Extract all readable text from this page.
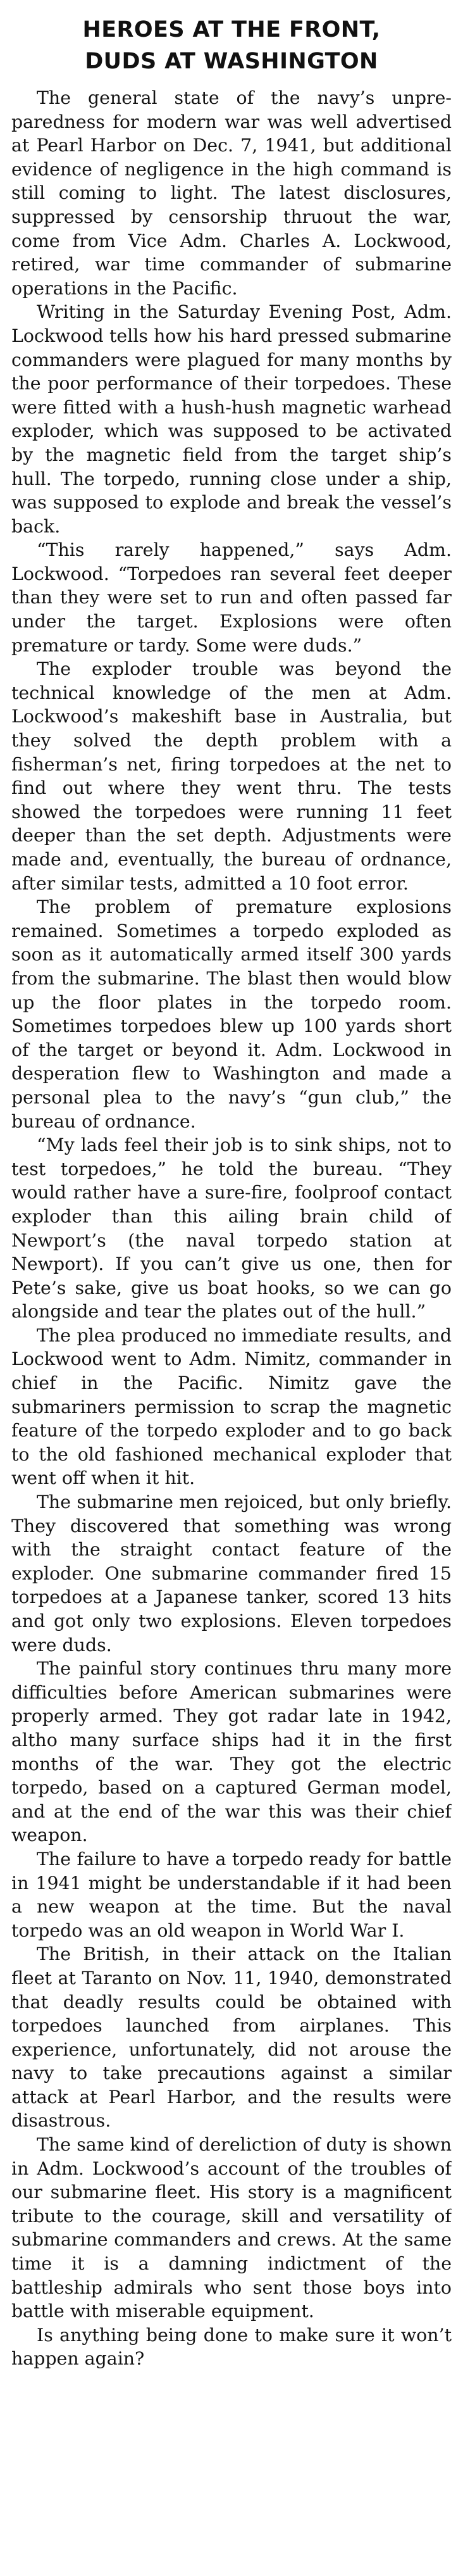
HEROES AT THE FRONT,
DUDS AT WASHINGTON

The general state of the navy’s unpreparedness for modern war was well advertised at Pearl Harbor on Dec. 7, 1941, but additional evidence of negligence in the high command is still coming to light. The latest disclosures, suppressed by censorship thruout the war, come from Vice Adm. Charles A. Lockwood, retired, war time commander of submarine operations in the Pacific.

Writing in the Saturday Evening Post, Adm. Lockwood tells how his hard pressed submarine commanders were plagued for many months by the poor performance of their torpedoes. These were fitted with a hush-hush magnetic warhead exploder, which was supposed to be activated by the magnetic field from the target ship’s hull. The torpedo, running close under a ship, was supposed to explode and break the vessel’s back.

“This rarely happened,” says Adm. Lockwood. “Torpedoes ran several feet deeper than they were set to run and often passed far under the target. Explosions were often premature or tardy. Some were duds.”

The exploder trouble was beyond the technical knowledge of the men at Adm. Lockwood’s makeshift base in Australia, but they solved the depth problem with a fisherman’s net, firing torpedoes at the net to find out where they went thru. The tests showed the torpedoes were running 11 feet deeper than the set depth. Adjustments were made and, eventually, the bureau of ordnance, after similar tests, admitted a 10 foot error.

The problem of premature explosions remained. Sometimes a torpedo exploded as soon as it automatically armed itself 300 yards from the submarine. The blast then would blow up the floor plates in the torpedo room. Sometimes torpedoes blew up 100 yards short of the target or beyond it. Adm. Lockwood in desperation flew to Washington and made a personal plea to the navy’s “gun club,” the bureau of ordnance.

“My lads feel their job is to sink ships, not to test torpedoes,” he told the bureau. “They would rather have a sure-fire, foolproof contact exploder than this ailing brain child of Newport’s (the naval torpedo station at Newport). If you can’t give us one, then for Pete’s sake, give us boat hooks, so we can go alongside and tear the plates out of the hull.”

The plea produced no immediate results, and Lockwood went to Adm. Nimitz, commander in chief in the Pacific. Nimitz gave the submariners permission to scrap the magnetic feature of the torpedo exploder and to go back to the old fashioned mechanical exploder that went off when it hit.

The submarine men rejoiced, but only briefly. They discovered that something was wrong with the straight contact feature of the exploder. One submarine commander fired 15 torpedoes at a Japanese tanker, scored 13 hits and got only two explosions. Eleven torpedoes were duds.

The painful story continues thru many more difficulties before American submarines were properly armed. They got radar late in 1942, altho many surface ships had it in the first months of the war. They got the electric torpedo, based on a captured German model, and at the end of the war this was their chief weapon.

The failure to have a torpedo ready for battle in 1941 might be understandable if it had been a new weapon at the time. But the naval torpedo was an old weapon in World War I.

The British, in their attack on the Italian fleet at Taranto on Nov. 11, 1940, demonstrated that deadly results could be obtained with torpedoes launched from airplanes. This experience, unfortunately, did not arouse the navy to take precautions against a similar attack at Pearl Harbor, and the results were disastrous.

The same kind of dereliction of duty is shown in Adm. Lockwood’s account of the troubles of our submarine fleet. His story is a magnificent tribute to the courage, skill and versatility of submarine commanders and crews. At the same time it is a damning indictment of the battleship admirals who sent those boys into battle with miserable equipment.

Is anything being done to make sure it won’t happen again?
